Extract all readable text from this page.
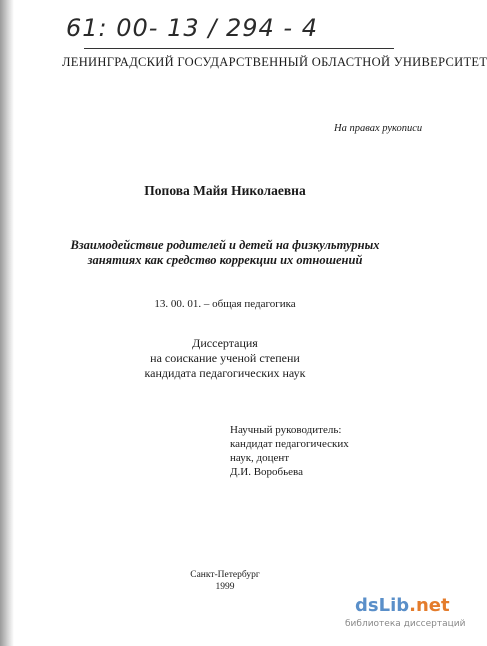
61: 00- 13 / 294 - 4
ЛЕНИНГРАДСКИЙ ГОСУДАРСТВЕННЫЙ ОБЛАСТНОЙ УНИВЕРСИТЕТ
На правах рукописи
Попова Майя Николаевна
Взаимодействие родителей и детей на физкультурных
занятиях как средство коррекции их отношений
13. 00. 01. – общая педагогика
Диссертация
на соискание ученой степени
кандидата педагогических наук
Научный руководитель:
кандидат педагогических
наук, доцент
Д.И. Воробьева
Санкт-Петербург
1999
dsLib.net
библиотека диссертаций
